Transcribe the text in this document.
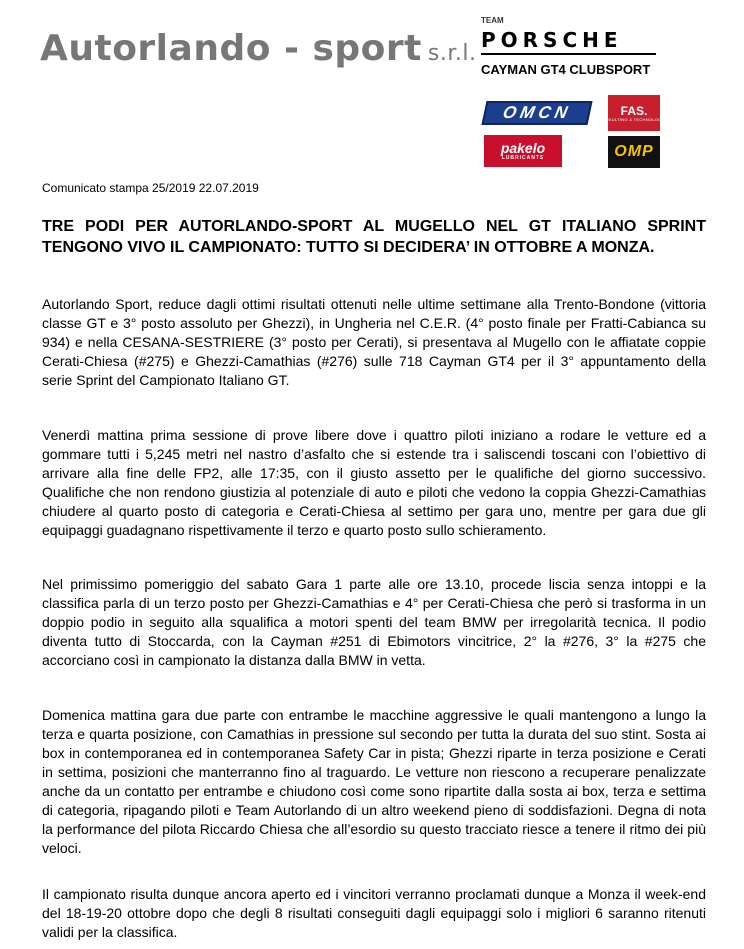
Autorlando - sport s.r.l.
TEAM
PORSCHE
CAYMAN GT4 CLUBSPORT
OMCN	FAS.
CONSULTING & TECHNOLOGIES
pakelo
LUBRICANTS	OMP
Comunicato stampa 25/2019 22.07.2019
TRE PODI PER AUTORLANDO-SPORT AL MUGELLO NEL GT ITALIANO SPRINT TENGONO VIVO IL CAMPIONATO: TUTTO SI DECIDERA’ IN OTTOBRE A MONZA.

Autorlando Sport, reduce dagli ottimi risultati ottenuti nelle ultime settimane alla Trento-Bondone (vittoria classe GT e 3° posto assoluto per Ghezzi), in Ungheria nel C.E.R. (4° posto finale per Fratti-Cabianca su 934) e nella CESANA-SESTRIERE (3° posto per Cerati), si presentava al Mugello con le affiatate coppie Cerati-Chiesa (#275) e Ghezzi-Camathias (#276) sulle 718 Cayman GT4 per il 3° appuntamento della serie Sprint del Campionato Italiano GT.

Venerdì mattina prima sessione di prove libere dove i quattro piloti iniziano a rodare le vetture ed a gommare tutti i 5,245 metri nel nastro d’asfalto che si estende tra i saliscendi toscani con l’obiettivo di arrivare alla fine delle FP2, alle 17:35, con il giusto assetto per le qualifiche del giorno successivo. Qualifiche che non rendono giustizia al potenziale di auto e piloti che vedono la coppia Ghezzi-Camathias chiudere al quarto posto di categoria e Cerati-Chiesa al settimo per gara uno, mentre per gara due gli equipaggi guadagnano rispettivamente il terzo e quarto posto sullo schieramento.

Nel primissimo pomeriggio del sabato Gara 1 parte alle ore 13.10, procede liscia senza intoppi e la classifica parla di un terzo posto per Ghezzi-Camathias e 4° per Cerati-Chiesa che però si trasforma in un doppio podio in seguito alla squalifica a motori spenti del team BMW per irregolarità tecnica. Il podio diventa tutto di Stoccarda, con la Cayman #251 di Ebimotors vincitrice, 2° la #276, 3° la #275 che accorciano così in campionato la distanza dalla BMW in vetta.

Domenica mattina gara due parte con entrambe le macchine aggressive le quali mantengono a lungo la terza e quarta posizione, con Camathias in pressione sul secondo per tutta la durata del suo stint. Sosta ai box in contemporanea ed in contemporanea Safety Car in pista; Ghezzi riparte in terza posizione e Cerati in settima, posizioni che manterranno fino al traguardo. Le vetture non riescono a recuperare penalizzate anche da un contatto per entrambe e chiudono così come sono ripartite dalla sosta ai box, terza e settima di categoria, ripagando piloti e Team Autorlando di un altro weekend pieno di soddisfazioni. Degna di nota la performance del pilota Riccardo Chiesa che all’esordio su questo tracciato riesce a tenere il ritmo dei più veloci.

Il campionato risulta dunque ancora aperto ed i vincitori verranno proclamati dunque a Monza il week-end del 18-19-20 ottobre dopo che degli 8 risultati conseguiti dagli equipaggi solo i migliori 6 saranno ritenuti validi per la classifica.
